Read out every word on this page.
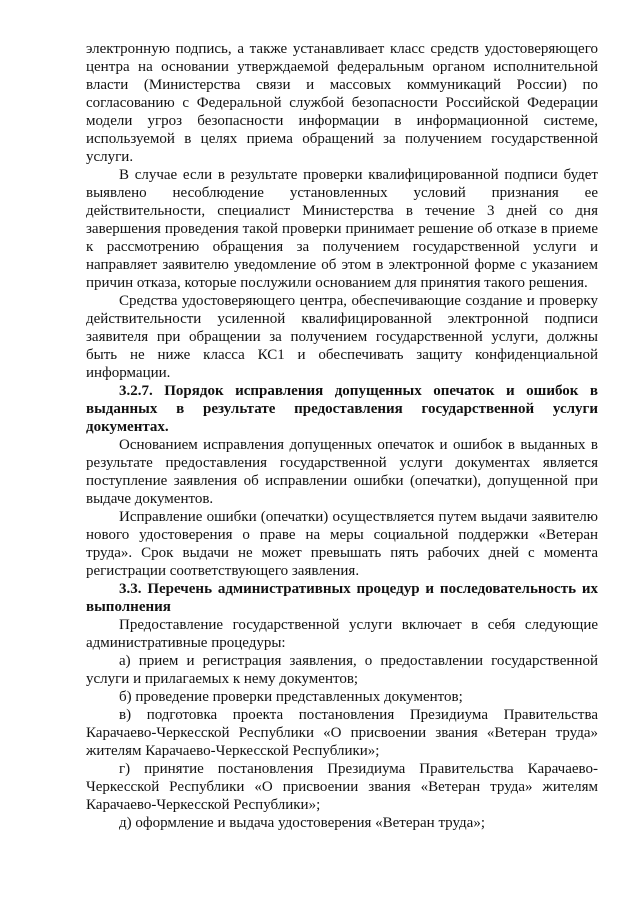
электронную подпись, а также устанавливает класс средств удостоверяющего центра на основании утверждаемой федеральным органом исполнительной власти (Министерства связи и массовых коммуникаций России) по согласованию с Федеральной службой безопасности Российской Федерации модели угроз безопасности информации в информационной системе, используемой в целях приема обращений за получением государственной услуги.

В случае если в результате проверки квалифицированной подписи будет выявлено несоблюдение установленных условий признания ее действительности, специалист Министерства в течение 3 дней со дня завершения проведения такой проверки принимает решение об отказе в приеме к рассмотрению обращения за получением государственной услуги и направляет заявителю уведомление об этом в электронной форме с указанием причин отказа, которые послужили основанием для принятия такого решения.

Средства удостоверяющего центра, обеспечивающие создание и проверку действительности усиленной квалифицированной электронной подписи заявителя при обращении за получением государственной услуги, должны быть не ниже класса КС1 и обеспечивать защиту конфиденциальной информации.

3.2.7. Порядок исправления допущенных опечаток и ошибок в выданных в результате предоставления государственной услуги документах.

Основанием исправления допущенных опечаток и ошибок в выданных в результате предоставления государственной услуги документах является поступление заявления об исправлении ошибки (опечатки), допущенной при выдаче документов.

Исправление ошибки (опечатки) осуществляется путем выдачи заявителю нового удостоверения о праве на меры социальной поддержки «Ветеран труда». Срок выдачи не может превышать пять рабочих дней с момента регистрации соответствующего заявления.

3.3. Перечень административных процедур и последовательность их выполнения

Предоставление государственной услуги включает в себя следующие административные процедуры:

а) прием и регистрация заявления, о предоставлении государственной услуги и прилагаемых к нему документов;

б) проведение проверки представленных документов;

в) подготовка проекта постановления Президиума Правительства Карачаево-Черкесской Республики «О присвоении звания «Ветеран труда» жителям Карачаево-Черкесской Республики»;

г) принятие постановления Президиума Правительства Карачаево-Черкесской Республики «О присвоении звания «Ветеран труда» жителям Карачаево-Черкесской Республики»;

д) оформление и выдача удостоверения «Ветеран труда»;
